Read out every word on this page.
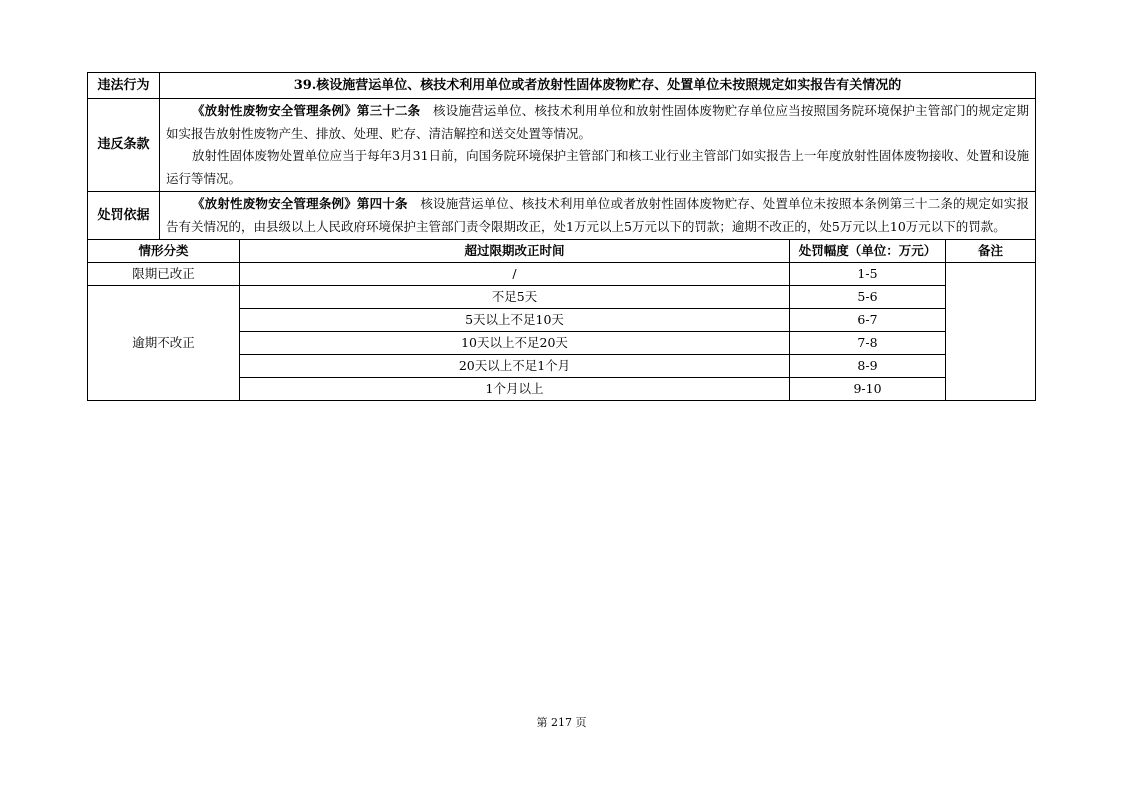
违法行为	39.核设施营运单位、核技术利用单位或者放射性固体废物贮存、处置单位未按照规定如实报告有关情况的			
违反条款	《放射性废物安全管理条例》第三十二条　核设施营运单位、核技术利用单位和放射性固体废物贮存单位应当按照国务院环境保护主管部门的规定定期如实报告放射性废物产生、排放、处理、贮存、清洁解控和送交处置等情况。

放射性固体废物处置单位应当于每年3月31日前，向国务院环境保护主管部门和核工业行业主管部门如实报告上一年度放射性固体废物接收、处置和设施运行等情况。			

处罚依据	《放射性废物安全管理条例》第四十条　核设施营运单位、核技术利用单位或者放射性固体废物贮存、处置单位未按照本条例第三十二条的规定如实报告有关情况的，由县级以上人民政府环境保护主管部门责令限期改正，处1万元以上5万元以下的罚款；逾期不改正的，处5万元以上10万元以下的罚款。			

情形分类		超过限期改正时间	处罚幅度（单位：万元）	备注
限期已改正		/	1-5	
逾期不改正		不足5天	5-6	
		5天以上不足10天	6-7	
		10天以上不足20天	7-8	
		20天以上不足1个月	8-9	
		1个月以上	9-10	
第 217 页
